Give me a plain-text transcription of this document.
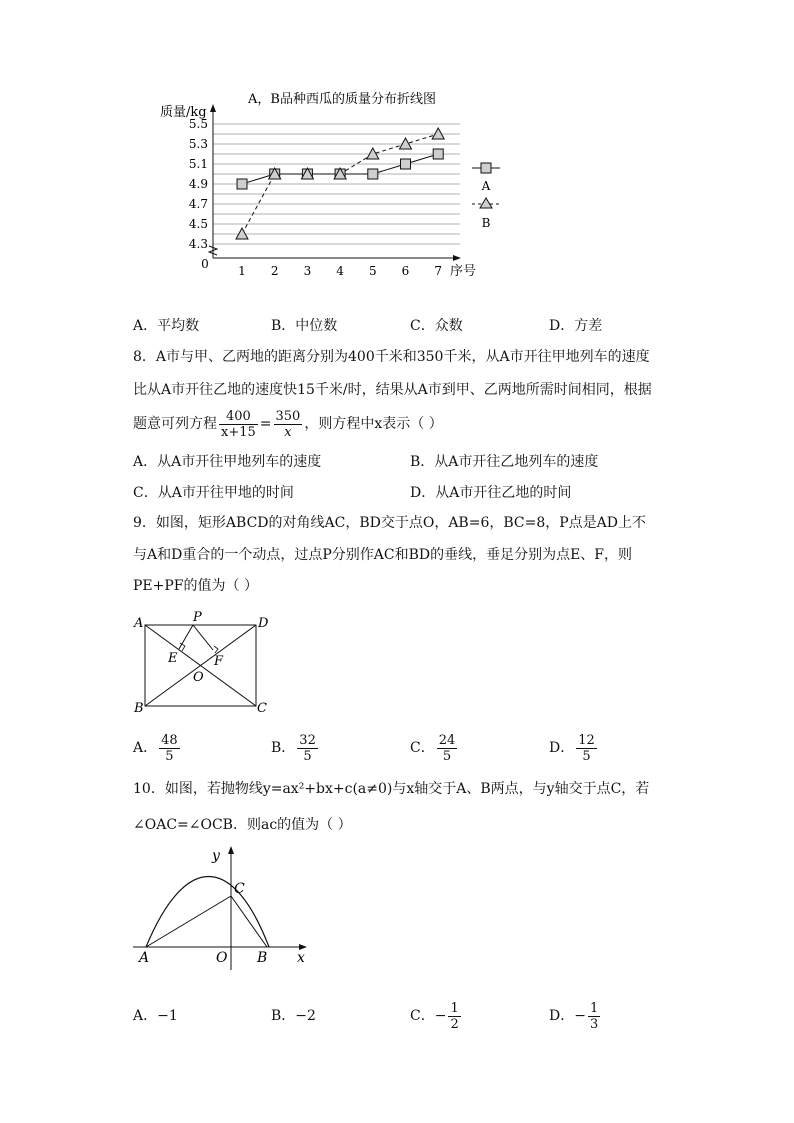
A，B品种西瓜的质量分布折线图
质量/kg
4.3
4.5
4.7
4.9
5.1
5.3
5.5
1 2 3 4 5 6 7
0	序号
A
B
A．平均数	B．中位数	C．众数	D．方差
8．A市与甲、乙两地的距离分别为400千米和350千米，从A市开往甲地列车的速度
比从A市开往乙地的速度快15千米/时，结果从A市到甲、乙两地所需时间相同，根据
题意可列方程 $\frac{400}{x+15} = \frac{350}{x}$ ，则方程中x表示（ ）
A．从A市开往甲地列车的速度	B．从A市开往乙地列车的速度
C．从A市开往甲地的时间	D．从A市开往乙地的时间
9．如图，矩形ABCD的对角线AC，BD交于点O，AB=6，BC=8，P点是AD上不
与A和D重合的一个动点，过点P分别作AC和BD的垂线，垂足分别为点E、F，则
PE+PF的值为（ ）
A	D
B	C
P
E	F
O
A． $\frac{48}{5}$	B． $\frac{32}{5}$	C． $\frac{24}{5}$	D． $\frac{12}{5}$
10．如图，若抛物线y=ax²+bx+c(a≠0)与x轴交于A、B两点，与y轴交于点C，若
∠OAC=∠OCB．则ac的值为（ ）
y
C
A	O B x
A．−1	B．−2	C．− $\frac{1}{2}$	D．− $\frac{1}{3}$
